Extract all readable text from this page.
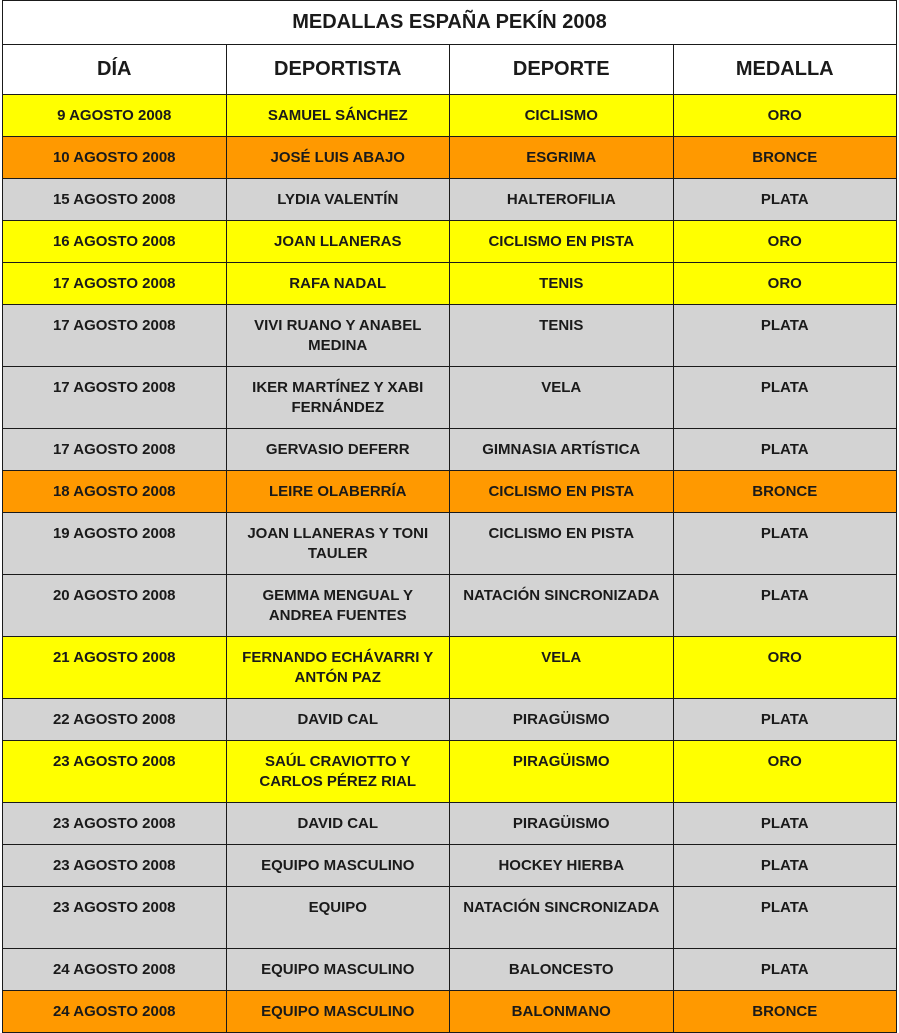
MEDALLAS ESPAÑA PEKÍN 2008			
DÍA	DEPORTISTA	DEPORTE	MEDALLA
9 AGOSTO 2008	SAMUEL SÁNCHEZ	CICLISMO	ORO
10 AGOSTO 2008	JOSÉ LUIS ABAJO	ESGRIMA	BRONCE
15 AGOSTO 2008	LYDIA VALENTÍN	HALTEROFILIA	PLATA
16 AGOSTO 2008	JOAN LLANERAS	CICLISMO EN PISTA	ORO
17 AGOSTO 2008	RAFA NADAL	TENIS	ORO
17 AGOSTO 2008	VIVI RUANO Y ANABEL MEDINA	TENIS	PLATA
17 AGOSTO 2008	IKER MARTÍNEZ Y XABI FERNÁNDEZ	VELA	PLATA
17 AGOSTO 2008	GERVASIO DEFERR	GIMNASIA ARTÍSTICA	PLATA
18 AGOSTO 2008	LEIRE OLABERRÍA	CICLISMO EN PISTA	BRONCE
19 AGOSTO 2008	JOAN LLANERAS Y TONI TAULER	CICLISMO EN PISTA	PLATA
20 AGOSTO 2008	GEMMA MENGUAL Y ANDREA FUENTES	NATACIÓN SINCRONIZADA	PLATA
21 AGOSTO 2008	FERNANDO ECHÁVARRI Y ANTÓN PAZ	VELA	ORO
22 AGOSTO 2008	DAVID CAL	PIRAGÜISMO	PLATA
23 AGOSTO 2008	SAÚL CRAVIOTTO Y CARLOS PÉREZ RIAL	PIRAGÜISMO	ORO
23 AGOSTO 2008	DAVID CAL	PIRAGÜISMO	PLATA
23 AGOSTO 2008	EQUIPO MASCULINO	HOCKEY HIERBA	PLATA
23 AGOSTO 2008	EQUIPO	NATACIÓN SINCRONIZADA	PLATA
24 AGOSTO 2008	EQUIPO MASCULINO	BALONCESTO	PLATA
24 AGOSTO 2008	EQUIPO MASCULINO	BALONMANO	BRONCE
